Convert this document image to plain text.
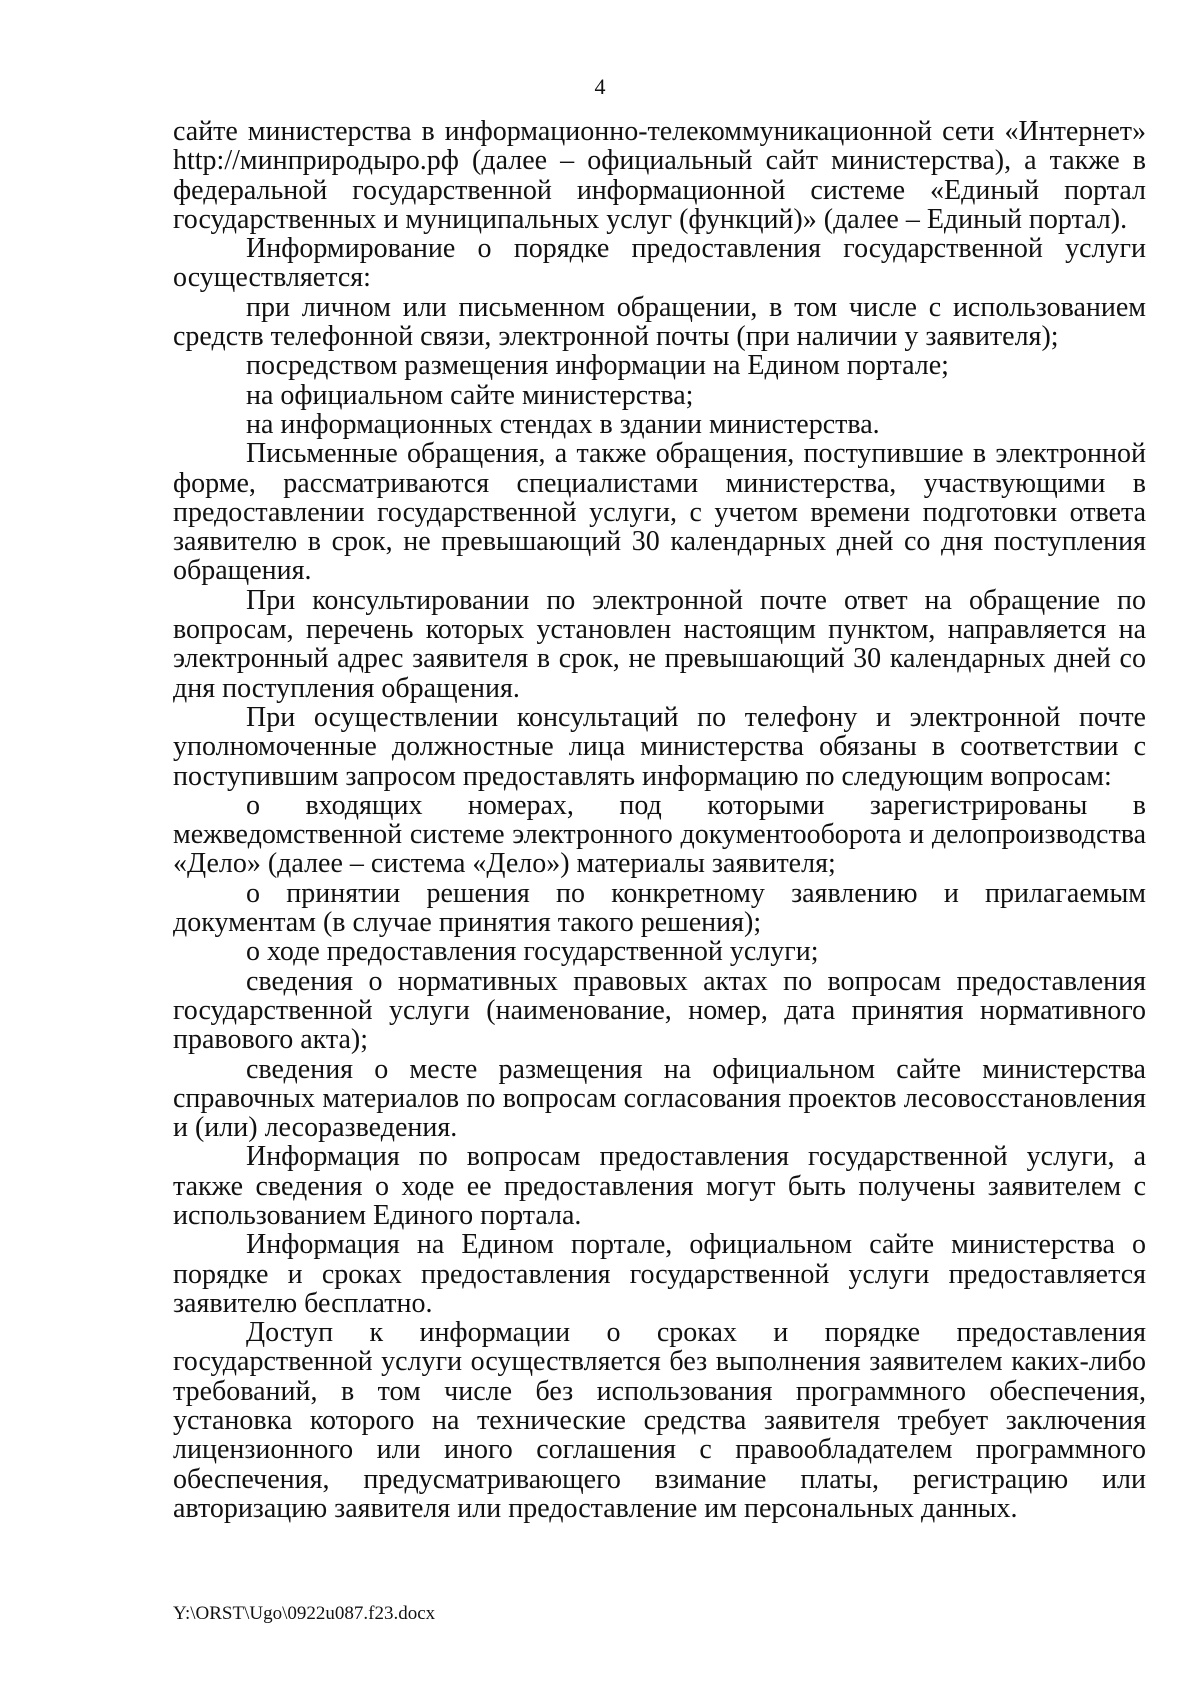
4

сайте министерства в информационно-телекоммуникационной сети «Интернет» http://минприродыро.рф (далее – официальный сайт министерства), а также в федеральной государственной информационной системе «Единый портал государственных и муниципальных услуг (функций)» (далее – Единый портал).

Информирование о порядке предоставления государственной услуги осуществляется:

при личном или письменном обращении, в том числе с использованием средств телефонной связи, электронной почты (при наличии у заявителя);

посредством размещения информации на Едином портале;

на официальном сайте министерства;

на информационных стендах в здании министерства.

Письменные обращения, а также обращения, поступившие в электронной форме, рассматриваются специалистами министерства, участвующими в предоставлении государственной услуги, с учетом времени подготовки ответа заявителю в срок, не превышающий 30 календарных дней со дня поступления обращения.

При консультировании по электронной почте ответ на обращение по вопросам, перечень которых установлен настоящим пунктом, направляется на электронный адрес заявителя в срок, не превышающий 30 календарных дней со дня поступления обращения.

При осуществлении консультаций по телефону и электронной почте уполномоченные должностные лица министерства обязаны в соответствии с поступившим запросом предоставлять информацию по следующим вопросам:

о входящих номерах, под которыми зарегистрированы в межведомственной системе электронного документооборота и делопроизводства «Дело» (далее – система «Дело») материалы заявителя;

о принятии решения по конкретному заявлению и прилагаемым документам (в случае принятия такого решения);

о ходе предоставления государственной услуги;

сведения о нормативных правовых актах по вопросам предоставления государственной услуги (наименование, номер, дата принятия нормативного правового акта);

сведения о месте размещения на официальном сайте министерства справочных материалов по вопросам согласования проектов лесовосстановления и (или) лесоразведения.

Информация по вопросам предоставления государственной услуги, а также сведения о ходе ее предоставления могут быть получены заявителем с использованием Единого портала.

Информация на Едином портале, официальном сайте министерства о порядке и сроках предоставления государственной услуги предоставляется заявителю бесплатно.

Доступ к информации о сроках и порядке предоставления государственной услуги осуществляется без выполнения заявителем каких-либо требований, в том числе без использования программного обеспечения, установка которого на технические средства заявителя требует заключения лицензионного или иного соглашения с правообладателем программного обеспечения, предусматривающего взимание платы, регистрацию или авторизацию заявителя или предоставление им персональных данных.

Y:\ORST\Ugo\0922u087.f23.docx
